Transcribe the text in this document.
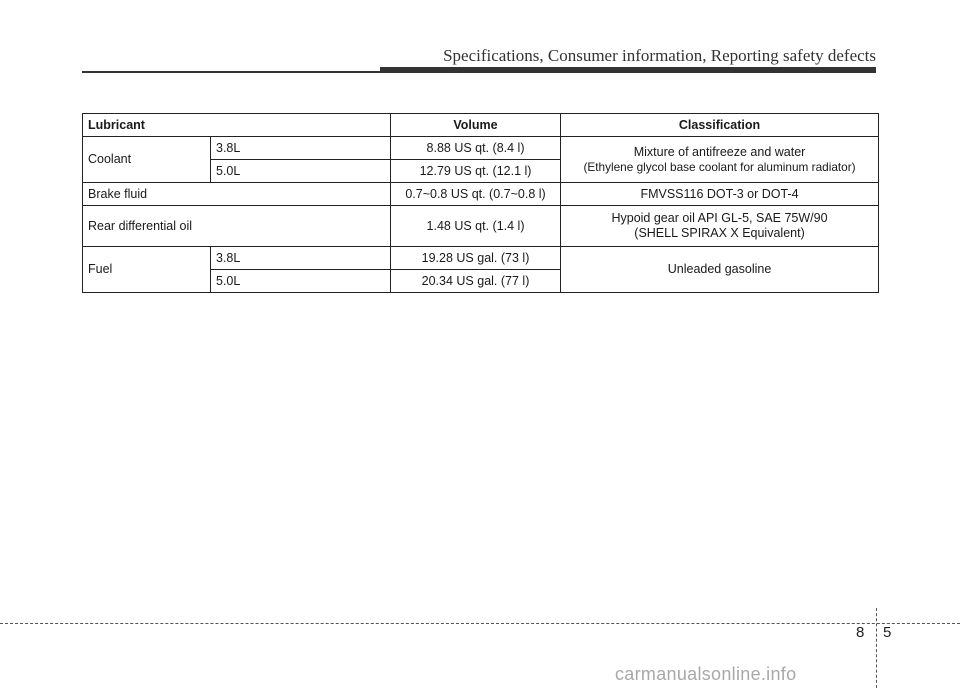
Specifications, Consumer information, Reporting safety defects
Lubricant		Volume	Classification
Coolant	3.8L	8.88 US qt. (8.4 l)	Mixture of antifreeze and water
(Ethylene glycol base coolant for aluminum radiator)

	5.0L	12.79 US qt. (12.1 l)	
Brake fluid		0.7~0.8 US qt. (0.7~0.8 l)	FMVSS116 DOT-3 or DOT-4
Rear differential oil		1.48 US qt. (1.4 l)	Hypoid gear oil API GL-5, SAE 75W/90
(SHELL SPIRAX X Equivalent)

Fuel	3.8L	19.28 US gal. (73 l)	Unleaded gasoline
	5.0L	20.34 US gal. (77 l)	
8 5
carmanualsonline.info
